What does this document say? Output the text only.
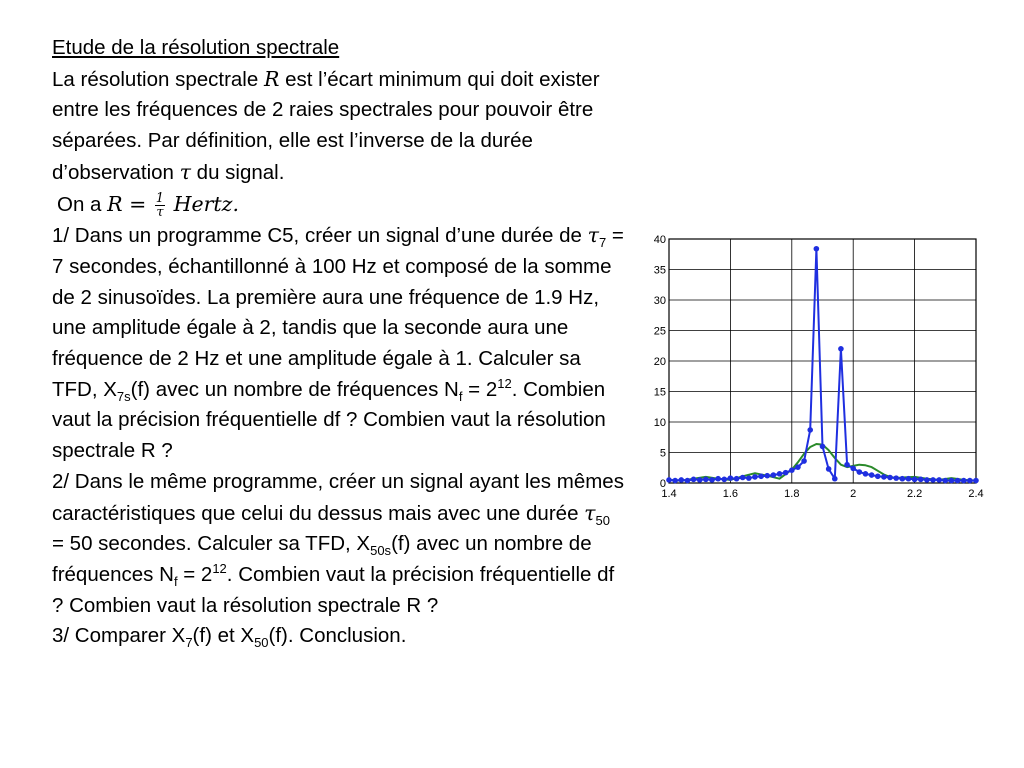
Etude de la résolution spectrale
La résolution spectrale R est l’écart minimum qui doit exister entre les fréquences de 2 raies spectrales pour pouvoir être séparées. Par définition, elle est l’inverse de la durée d’observation τ du signal.

On a $R = \frac{1}{\tau}$ Hertz.

1/ Dans un programme C5, créer un signal d’une durée de $\tau_7 = 7$ secondes, échantillonné à 100 Hz et composé de la somme de 2 sinusoïdes. La première aura une fréquence de 1.9 Hz, une amplitude égale à 2, tandis que la seconde aura une fréquence de 2 Hz et une amplitude égale à 1. Calculer sa TFD, $X_{7s}(f)$ avec un nombre de fréquences $N_f = 2^{12}$. Combien vaut la précision fréquentielle df ? Combien vaut la résolution spectrale R ?

2/ Dans le même programme, créer un signal ayant les mêmes caractéristiques que celui du dessus mais avec une durée $\tau_{50} = 50$ secondes. Calculer sa TFD, $X_{50s}(f)$ avec un nombre de fréquences $N_f = 2^{12}$. Combien vaut la précision fréquentielle df ? Combien vaut la résolution spectrale R ?

3/ Comparer $X_7(f)$ et $X_{50}(f)$. Conclusion.

1.4	1.6	1.8	2	2.2	2.4
0
5
10
15
20
25
30
35
40
